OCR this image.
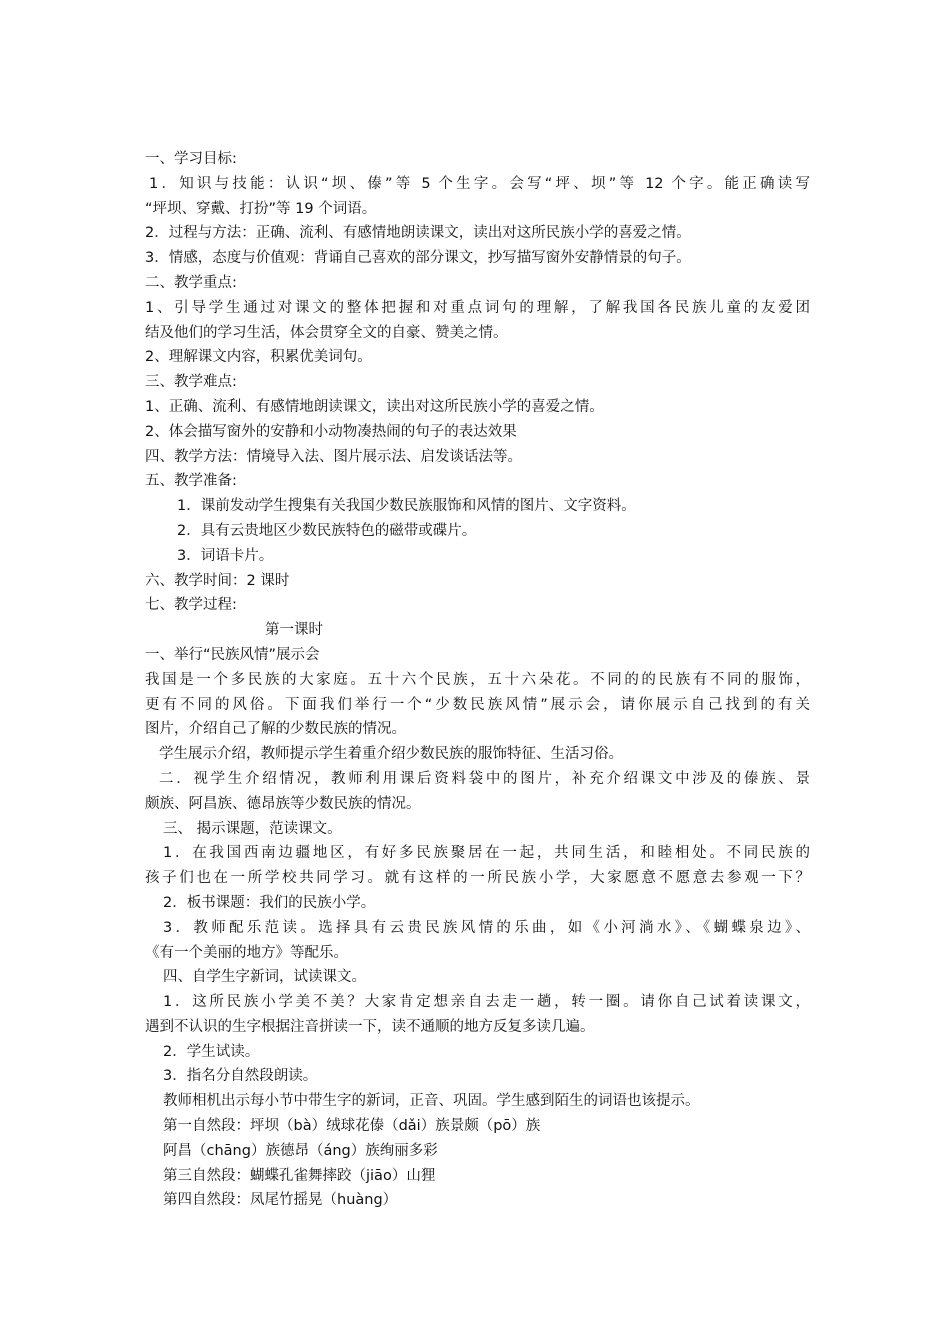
一、学习目标:
1．知识与技能：认识“坝、傣”等 5 个生字。会写“坪、坝”等 12 个字。能正确读写
“坪坝、穿戴、打扮”等 19 个词语。
2．过程与方法：正确、流利、有感情地朗读课文，读出对这所民族小学的喜爱之情。
3．情感，态度与价值观：背诵自己喜欢的部分课文，抄写描写窗外安静情景的句子。
二、教学重点:
1、引导学生通过对课文的整体把握和对重点词句的理解，了解我国各民族儿童的友爱团
结及他们的学习生活，体会贯穿全文的自豪、赞美之情。
2、理解课文内容，积累优美词句。
三、教学难点:
1、正确、流利、有感情地朗读课文，读出对这所民族小学的喜爱之情。
2、体会描写窗外的安静和小动物凑热闹的句子的表达效果
四、教学方法：情境导入法、图片展示法、启发谈话法等。
五、教学准备:
1．课前发动学生搜集有关我国少数民族服饰和风情的图片、文字资料。
2．具有云贵地区少数民族特色的磁带或碟片。
3．词语卡片。
六、教学时间：2 课时
七、教学过程:
第一课时
一、举行“民族风情”展示会
我国是一个多民族的大家庭。五十六个民族，五十六朵花。不同的的民族有不同的服饰，
更有不同的风俗。下面我们举行一个“少数民族风情”展示会，请你展示自己找到的有关
图片，介绍自己了解的少数民族的情况。
学生展示介绍，教师提示学生着重介绍少数民族的服饰特征、生活习俗。
二．视学生介绍情况，教师利用课后资料袋中的图片，补充介绍课文中涉及的傣族、景
颇族、阿昌族、德昂族等少数民族的情况。
三、 揭示课题，范读课文。
1．在我国西南边疆地区，有好多民族聚居在一起，共同生活，和睦相处。不同民族的
孩子们也在一所学校共同学习。就有这样的一所民族小学，大家愿意不愿意去参观一下？
2．板书课题：我们的民族小学。
3．教师配乐范读。选择具有云贵民族风情的乐曲，如《小河淌水》、《蝴蝶泉边》、
《有一个美丽的地方》等配乐。
四、自学生字新词，试读课文。
1．这所民族小学美不美？大家肯定想亲自去走一趟，转一圈。请你自己试着读课文，
遇到不认识的生字根据注音拼读一下，读不通顺的地方反复多读几遍。
2．学生试读。
3．指名分自然段朗读。
教师相机出示每小节中带生字的新词，正音、巩固。学生感到陌生的词语也该提示。
第一自然段：坪坝（bà）绒球花傣（dǎi）族景颇（pō）族
阿昌（chāng）族德昂（áng）族绚丽多彩
第三自然段：蝴蝶孔雀舞摔跤（jiāo）山狸
第四自然段：凤尾竹摇晃（huàng）
